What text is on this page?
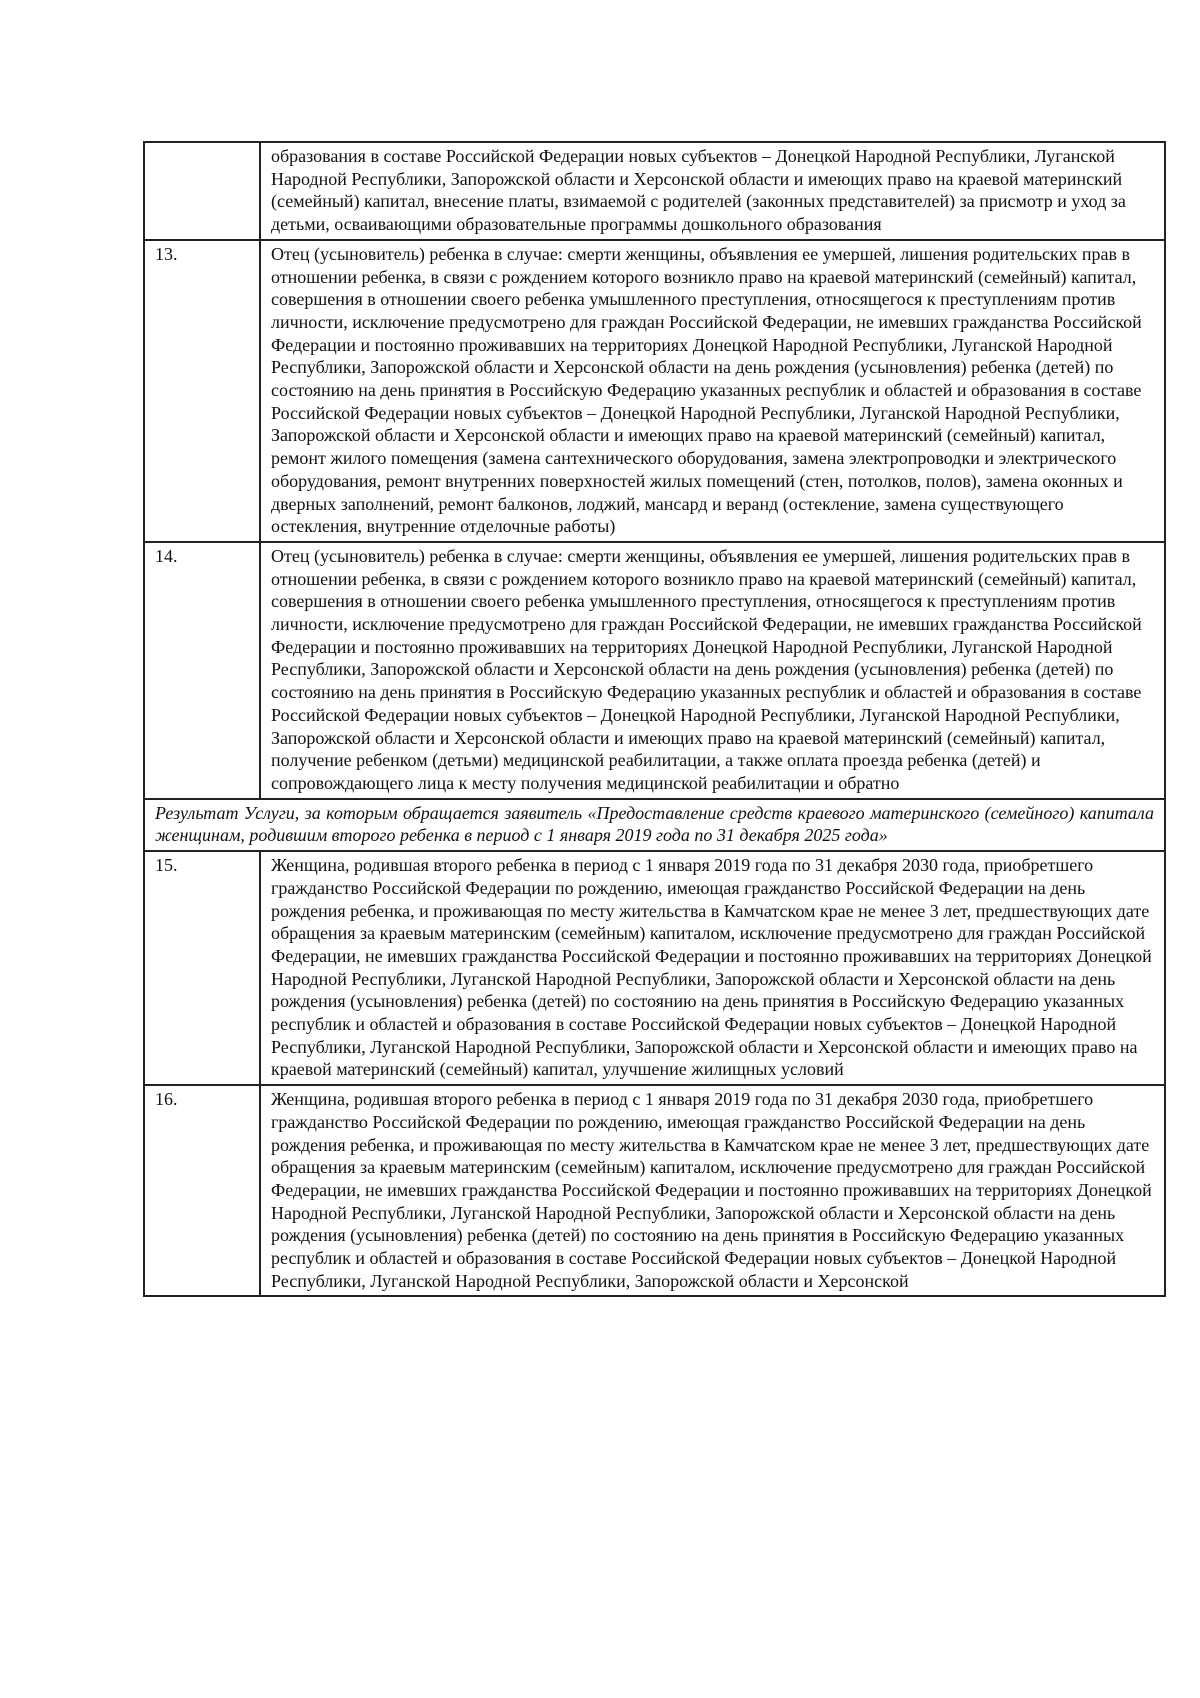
	образования в составе Российской Федерации новых субъектов – Донецкой Народной Республики, Луганской Народной Республики, Запорожской области и Херсонской области и имеющих право на краевой материнский (семейный) капитал, внесение платы, взимаемой с родителей (законных представителей) за присмотр и уход за детьми, осваивающими образовательные программы дошкольного образования
13.	Отец (усыновитель) ребенка в случае: смерти женщины, объявления ее умершей, лишения родительских прав в отношении ребенка, в связи с рождением которого возникло право на краевой материнский (семейный) капитал, совершения в отношении своего ребенка умышленного преступления, относящегося к преступлениям против личности, исключение предусмотрено для граждан Российской Федерации, не имевших гражданства Российской Федерации и постоянно проживавших на территориях Донецкой Народной Республики, Луганской Народной Республики, Запорожской области и Херсонской области на день рождения (усыновления) ребенка (детей) по состоянию на день принятия в Российскую Федерацию указанных республик и областей и образования в составе Российской Федерации новых субъектов – Донецкой Народной Республики, Луганской Народной Республики, Запорожской области и Херсонской области и имеющих право на краевой материнский (семейный) капитал, ремонт жилого помещения (замена сантехнического оборудования, замена электропроводки и электрического оборудования, ремонт внутренних поверхностей жилых помещений (стен, потолков, полов), замена оконных и дверных заполнений, ремонт балконов, лоджий, мансард и веранд (остекление, замена существующего остекления, внутренние отделочные работы)
14.	Отец (усыновитель) ребенка в случае: смерти женщины, объявления ее умершей, лишения родительских прав в отношении ребенка, в связи с рождением которого возникло право на краевой материнский (семейный) капитал, совершения в отношении своего ребенка умышленного преступления, относящегося к преступлениям против личности, исключение предусмотрено для граждан Российской Федерации, не имевших гражданства Российской Федерации и постоянно проживавших на территориях Донецкой Народной Республики, Луганской Народной Республики, Запорожской области и Херсонской области на день рождения (усыновления) ребенка (детей) по состоянию на день принятия в Российскую Федерацию указанных республик и областей и образования в составе Российской Федерации новых субъектов – Донецкой Народной Республики, Луганской Народной Республики, Запорожской области и Херсонской области и имеющих право на краевой материнский (семейный) капитал, получение ребенком (детьми) медицинской реабилитации, а также оплата проезда ребенка (детей) и сопровождающего лица к месту получения медицинской реабилитации и обратно
Результат Услуги, за которым обращается заявитель «Предоставление средств краевого материнского (семейного) капитала женщинам, родившим второго ребенка в период с 1 января 2019 года по 31 декабря 2025 года»	
15.	Женщина, родившая второго ребенка в период с 1 января 2019 года по 31 декабря 2030 года, приобретшего гражданство Российской Федерации по рождению, имеющая гражданство Российской Федерации на день рождения ребенка, и проживающая по месту жительства в Камчатском крае не менее 3 лет, предшествующих дате обращения за краевым материнским (семейным) капиталом, исключение предусмотрено для граждан Российской Федерации, не имевших гражданства Российской Федерации и постоянно проживавших на территориях Донецкой Народной Республики, Луганской Народной Республики, Запорожской области и Херсонской области на день рождения (усыновления) ребенка (детей) по состоянию на день принятия в Российскую Федерацию указанных республик и областей и образования в составе Российской Федерации новых субъектов – Донецкой Народной Республики, Луганской Народной Республики, Запорожской области и Херсонской области и имеющих право на краевой материнский (семейный) капитал, улучшение жилищных условий
16.	Женщина, родившая второго ребенка в период с 1 января 2019 года по 31 декабря 2030 года, приобретшего гражданство Российской Федерации по рождению, имеющая гражданство Российской Федерации на день рождения ребенка, и проживающая по месту жительства в Камчатском крае не менее 3 лет, предшествующих дате обращения за краевым материнским (семейным) капиталом, исключение предусмотрено для граждан Российской Федерации, не имевших гражданства Российской Федерации и постоянно проживавших на территориях Донецкой Народной Республики, Луганской Народной Республики, Запорожской области и Херсонской области на день рождения (усыновления) ребенка (детей) по состоянию на день принятия в Российскую Федерацию указанных республик и областей и образования в составе Российской Федерации новых субъектов – Донецкой Народной Республики, Луганской Народной Республики, Запорожской области и Херсонской
